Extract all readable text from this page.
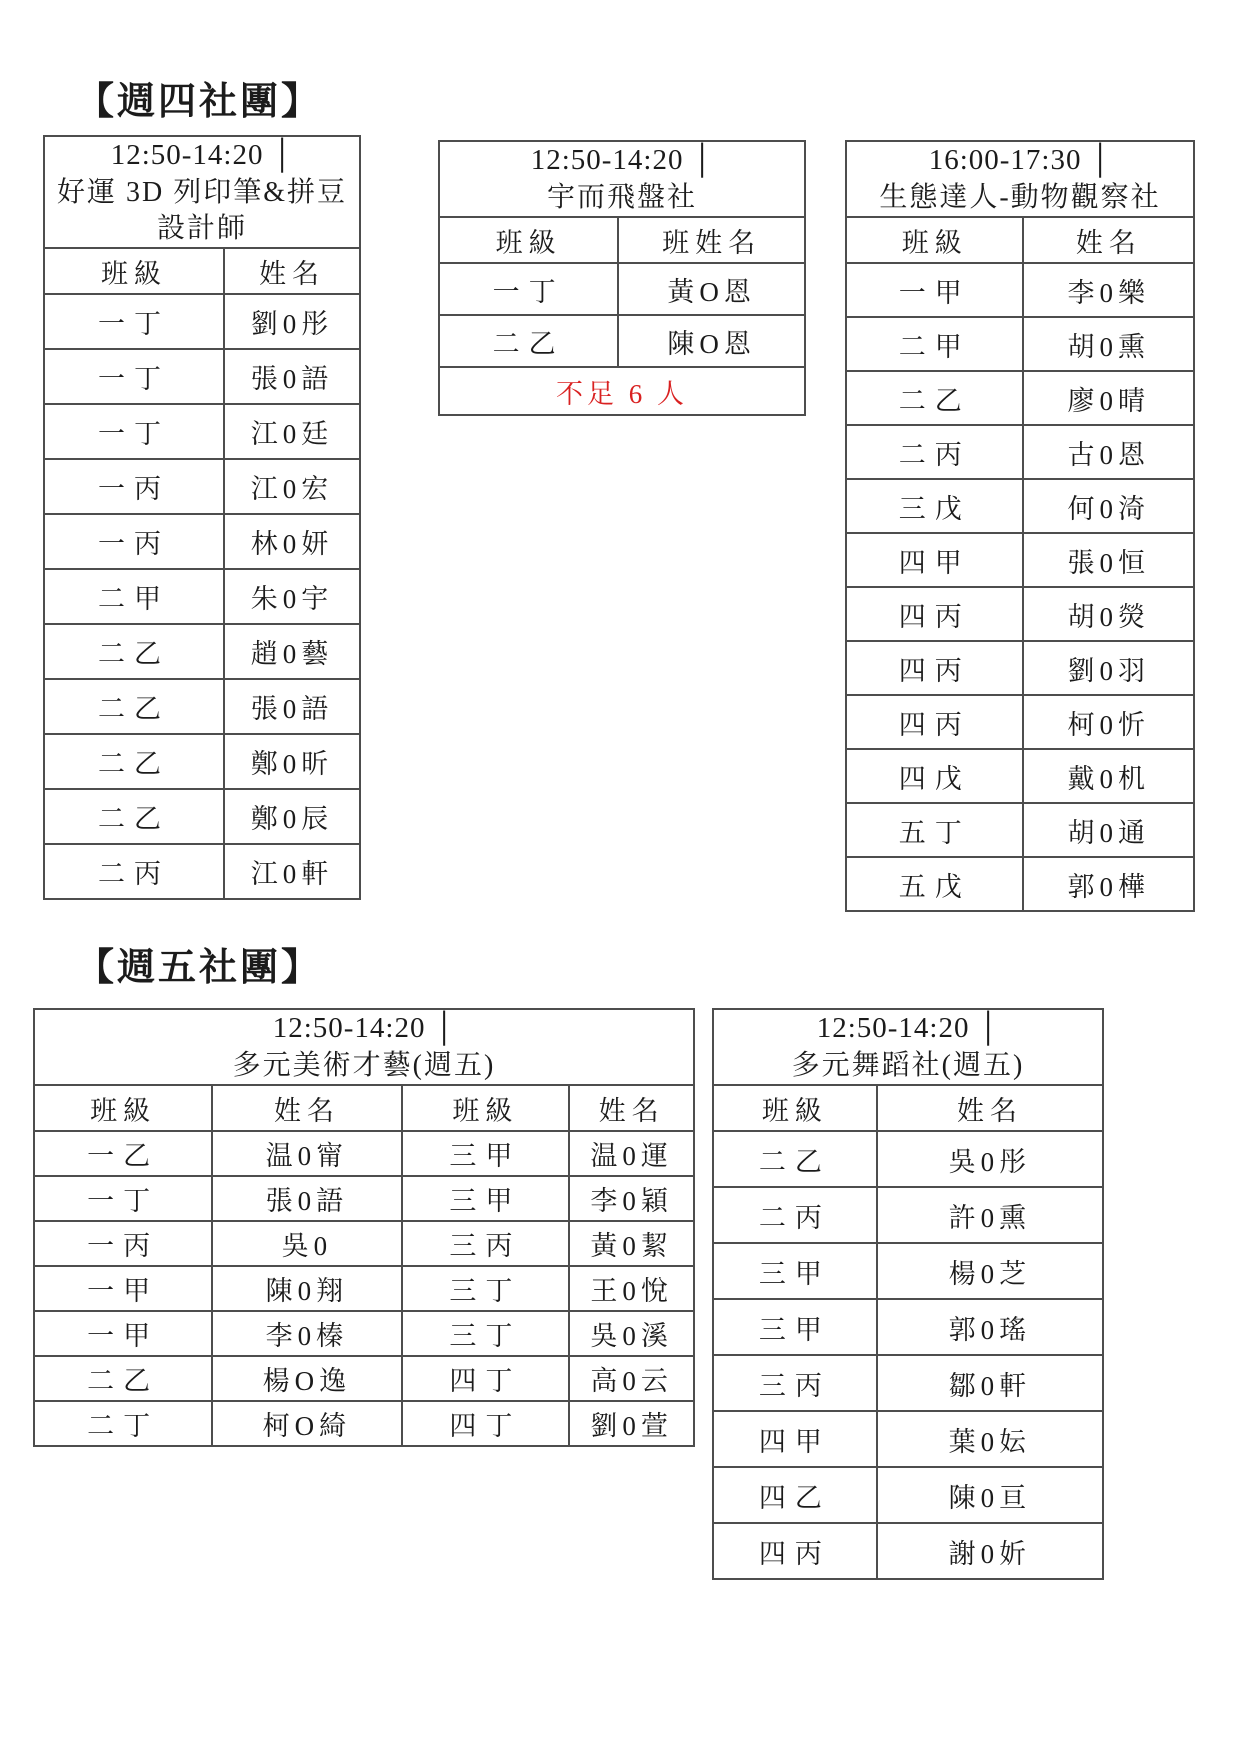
【週四社團】
12:50-14:20 │
好運 3D 列印筆&拼豆設計師	

班級	姓名
一丁	劉0彤
一丁	張0語
一丁	江0廷
一丙	江0宏
一丙	林0妍
二甲	朱0宇
二乙	趙0藝
二乙	張0語
二乙	鄭0昕
二乙	鄭0辰
二丙	江0軒
12:50-14:20 │
宇而飛盤社	

班級	班姓名
一丁	黃O恩
二乙	陳O恩
不足 6 人	
16:00-17:30 │
生態達人-動物觀察社	

班級	姓名
一甲	李0樂
二甲	胡0熏
二乙	廖0晴
二丙	古0恩
三戊	何0渏
四甲	張0恒
四丙	胡0熒
四丙	劉0羽
四丙	柯0忻
四戊	戴0机
五丁	胡0通
五戊	郭0樺
【週五社團】
12:50-14:20 │
多元美術才藝(週五)			

班級	姓名	班級	姓名
一乙	温0甯	三甲	温0運
一丁	張0語	三甲	李0穎
一丙	吳0	三丙	黃0絜
一甲	陳0翔	三丁	王0悅
一甲	李0榛	三丁	吳0溪
二乙	楊O逸	四丁	高0云
二丁	柯O綺	四丁	劉0萱
12:50-14:20 │
多元舞蹈社(週五)	

班級	姓名
二乙	吳0彤
二丙	許0熏
三甲	楊0芝
三甲	郭0瑤
三丙	鄒0軒
四甲	葉0妘
四乙	陳0亘
四丙	謝0妡
